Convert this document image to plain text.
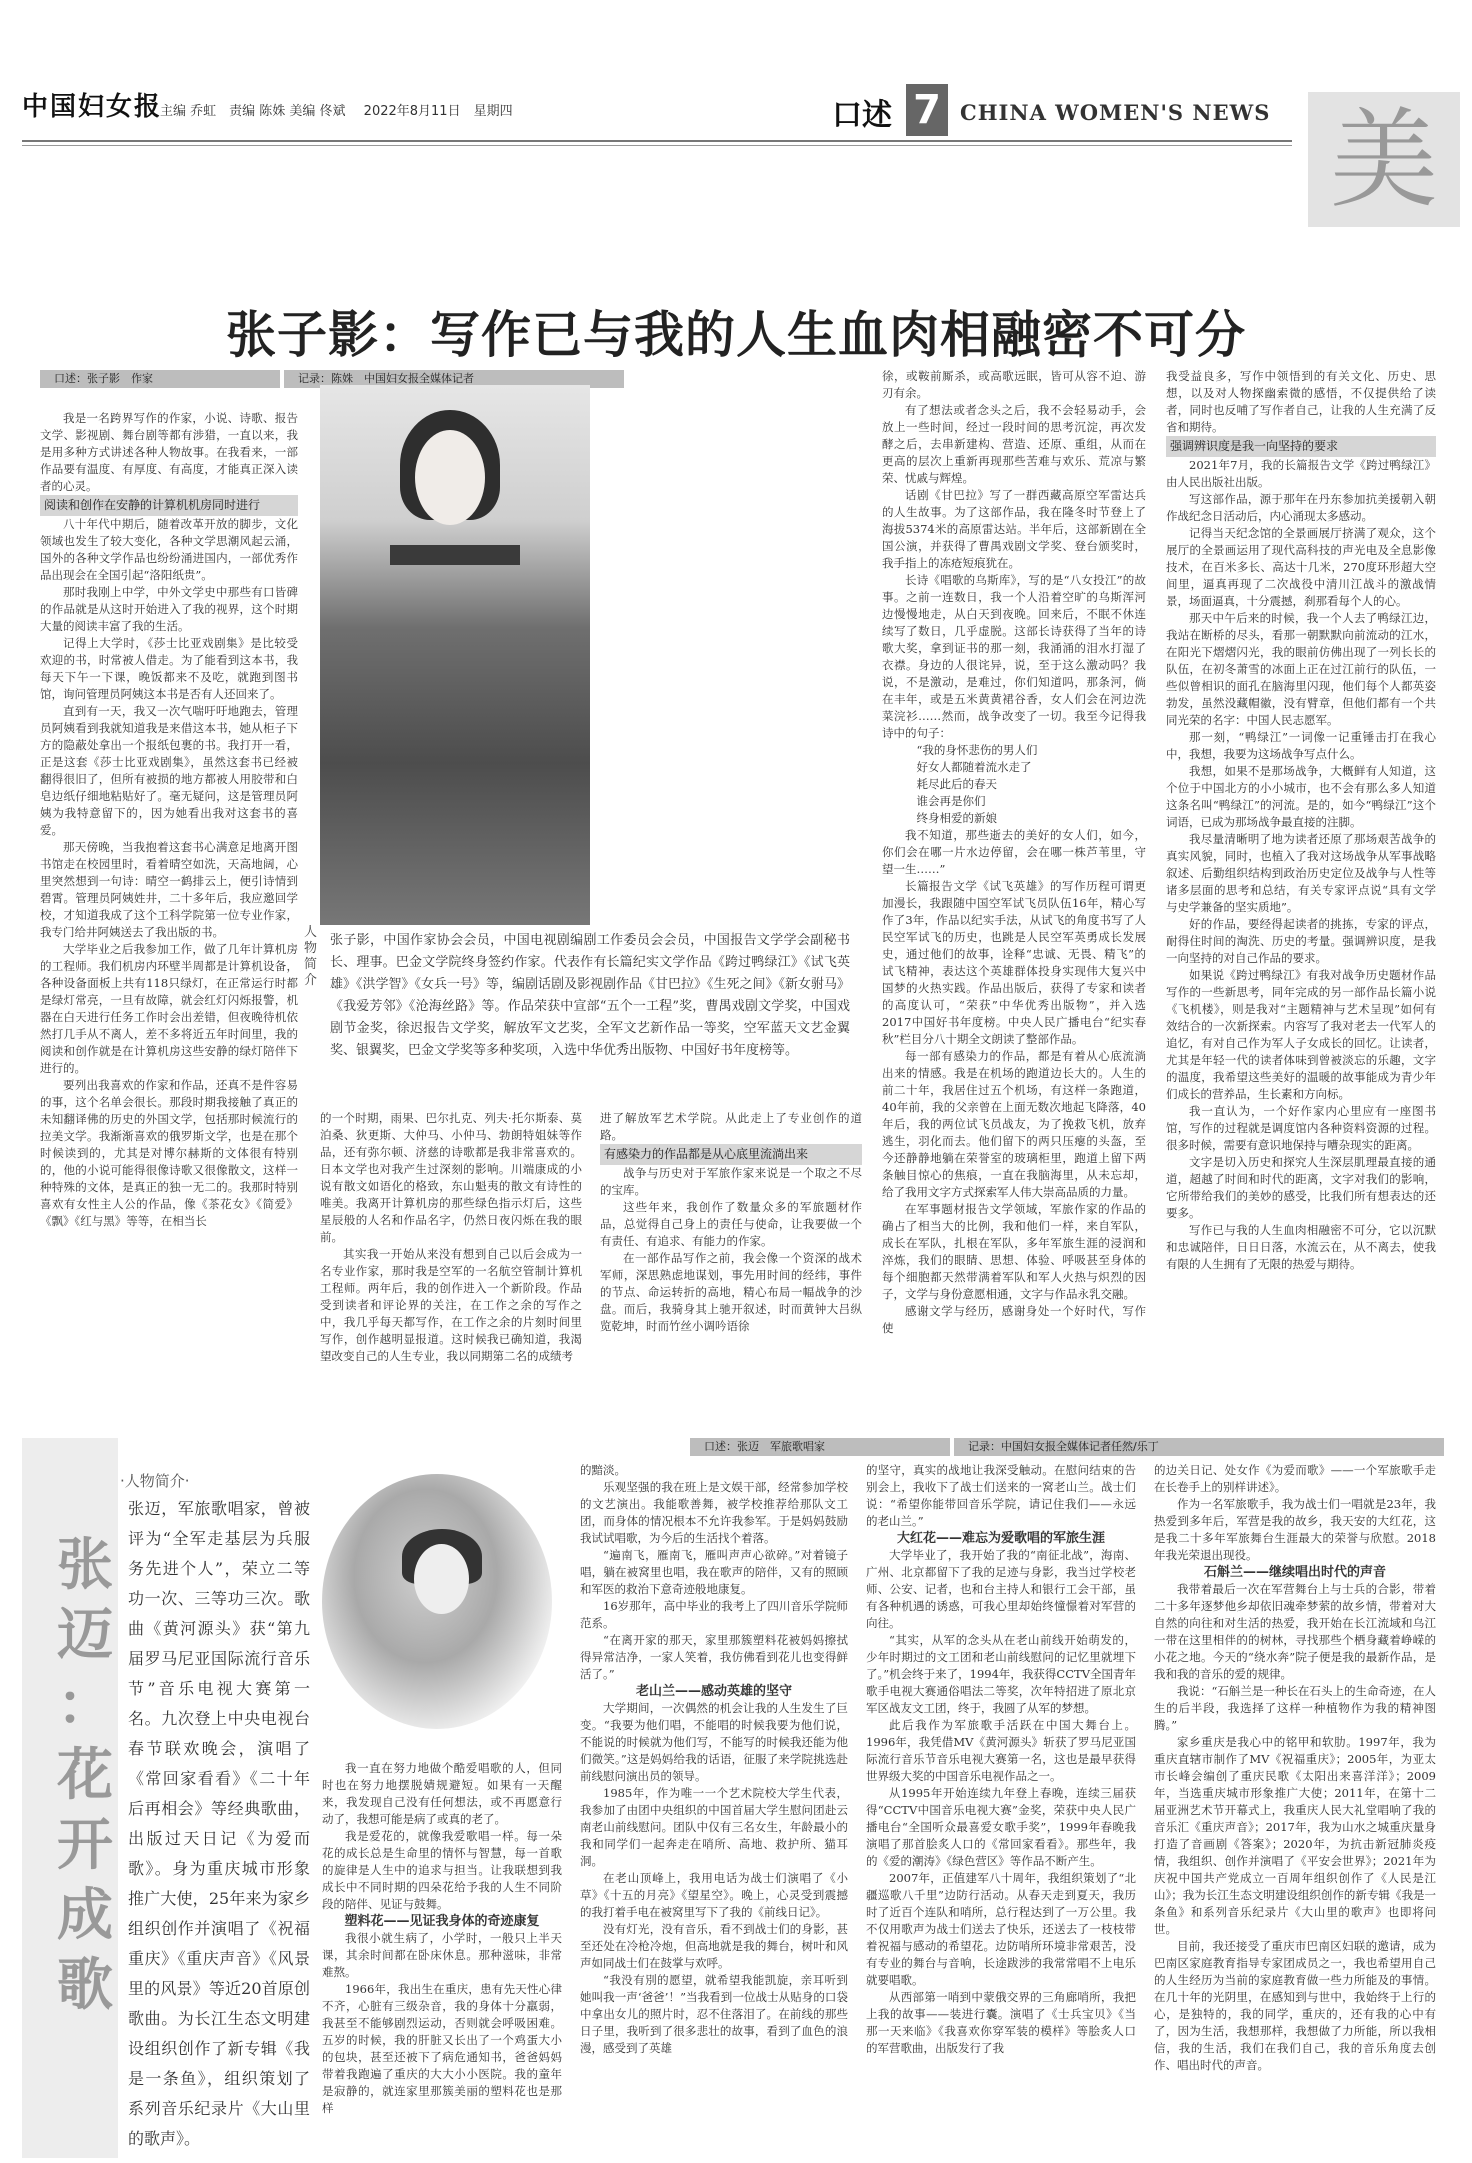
中国妇女报
主编 乔虹　责编 陈姝 美编 佟斌 2022年8月11日　星期四	口述 7 CHINA WOMEN'S NEWS 美
张子影：写作已与我的人生血肉相融密不可分
口述：张子影　作家	记录：陈姝　中国妇女报全媒体记者

我是一名跨界写作的作家，小说、诗歌、报告文学、影视剧、舞台剧等都有涉猎，一直以来，我是用多种方式讲述各种人物故事。在我看来，一部作品要有温度、有厚度、有高度，才能真正深入读者的心灵。

阅读和创作在安静的计算机机房同时进行

八十年代中期后，随着改革开放的脚步，文化领域也发生了较大变化，各种文学思潮风起云涌，国外的各种文学作品也纷纷涌进国内，一部优秀作品出现会在全国引起“洛阳纸贵”。

那时我刚上中学，中外文学史中那些有口皆碑的作品就是从这时开始进入了我的视界，这个时期大量的阅读丰富了我的生活。

记得上大学时，《莎士比亚戏剧集》是比较受欢迎的书，时常被人借走。为了能看到这本书，我每天下午一下课，晚饭都来不及吃，就跑到图书馆，询问管理员阿姨这本书是否有人还回来了。

直到有一天，我又一次气喘吁吁地跑去，管理员阿姨看到我就知道我是来借这本书，她从柜子下方的隐蔽处拿出一个报纸包裹的书。我打开一看，正是这套《莎士比亚戏剧集》，虽然这套书已经被翻得很旧了，但所有被损的地方都被人用胶带和白皂边纸仔细地粘贴好了。毫无疑问，这是管理员阿姨为我特意留下的，因为她看出我对这套书的喜爱。

那天傍晚，当我抱着这套书心满意足地离开图书馆走在校园里时，看着晴空如洗，天高地阔，心里突然想到一句诗：晴空一鹤排云上，便引诗情到碧霄。管理员阿姨姓井，二十多年后，我应邀回学校，才知道我成了这个工科学院第一位专业作家，我专门给井阿姨送去了我出版的书。

大学毕业之后我参加工作，做了几年计算机房的工程师。我们机房内环壁半周都是计算机设备，各种设备面板上共有118只绿灯，在正常运行时都是绿灯常亮，一旦有故障，就会红灯闪烁报警，机器在白天进行任务工作时会出差错，但夜晚待机依然打几手从不离人，差不多将近五年时间里，我的阅读和创作就是在计算机房这些安静的绿灯陪伴下进行的。

要列出我喜欢的作家和作品，还真不是件容易的事，这个名单会很长。那段时期我接触了真正的未知翻译佛的历史的外国文学，包括那时候流行的拉美文学。我渐渐喜欢的俄罗斯文学，也是在那个时候读到的，尤其是对博尔赫斯的文体很有特别的，他的小说可能得很像诗歌又很像散文，这样一种特殊的文体，是真正的独一无二的。我那时特别喜欢有女性主人公的作品，像《茶花女》《简爱》《飘》《红与黑》等等，在相当长

人物简介
张子影，中国作家协会会员，中国电视剧编剧工作委员会会员，中国报告文学学会副秘书长、理事。巴金文学院终身签约作家。代表作有长篇纪实文学作品《跨过鸭绿江》《试飞英雄》《洪学智》《女兵一号》等，编剧话剧及影视剧作品《甘巴拉》《生死之间》《新女驸马》《我爱芳邻》《沧海丝路》等。作品荣获中宣部“五个一工程”奖，曹禺戏剧文学奖，中国戏剧节金奖，徐迟报告文学奖，解放军文艺奖，全军文艺新作品一等奖，空军蓝天文艺金翼奖、银翼奖，巴金文学奖等多种奖项，入选中华优秀出版物、中国好书年度榜等。

的一个时期，雨果、巴尔扎克、列夫·托尔斯泰、莫泊桑、狄更斯、大仲马、小仲马、勃朗特姐妹等作品，还有弥尔顿、济慈的诗歌都是我非常喜欢的。日本文学也对我产生过深刻的影响。川端康成的小说有散文如语化的格致，东山魁夷的散文有诗性的唯美。我离开计算机房的那些绿色指示灯后，这些星辰般的人名和作品名字，仍然日夜闪烁在我的眼前。

其实我一开始从来没有想到自己以后会成为一名专业作家，那时我是空军的一名航空管制计算机工程师。两年后，我的创作进入一个新阶段。作品受到读者和评论界的关注，在工作之余的写作之中，我几乎每天都写作，在工作之余的片刻时间里写作，创作越明显报道。这时候我已确知道，我渴望改变自己的人生专业，我以同期第二名的成绩考

进了解放军艺术学院。从此走上了专业创作的道路。

有感染力的作品都是从心底里流淌出来

战争与历史对于军旅作家来说是一个取之不尽的宝库。

这些年来，我创作了数量众多的军旅题材作品，总觉得自己身上的责任与使命，让我要做一个有责任、有追求、有能力的作家。

在一部作品写作之前，我会像一个资深的战术军师，深思熟虑地谋划，事先用时间的经纬，事件的节点、命运转折的高地，精心布局一幅战争的沙盘。而后，我骑身其上驰开叙述，时而黄钟大吕纵览乾坤，时而竹丝小调吟语徐

徐，或鞍前厮杀，或高歌远眠，皆可从容不迫、游刃有余。

有了想法或者念头之后，我不会轻易动手，会放上一些时间，经过一段时间的思考沉淀，再次发酵之后，去串新建构、营造、还原、重组，从而在更高的层次上重新再现那些苦难与欢乐、荒凉与繁荣、忧戚与辉煌。

话剧《甘巴拉》写了一群西藏高原空军雷达兵的人生故事。为了这部作品，我在隆冬时节登上了海拔5374米的高原雷达站。半年后，这部新剧在全国公演，并获得了曹禺戏剧文学奖、登台颁奖时，我手指上的冻疮短痕犹在。

长诗《唱歌的乌斯库》，写的是“八女投江”的故事。之前一连数日，我一个人沿着空旷的乌斯浑河边慢慢地走，从白天到夜晚。回来后，不眠不休连续写了数日，几乎虚脱。这部长诗获得了当年的诗歌大奖，拿到证书的那一刻，我涌涌的泪水打湿了衣襟。身边的人很诧异，说，至于这么激动吗？我说，不是激动，是难过，你们知道吗，那条河，倘在丰年，或是五米黄黄裙谷香，女人们会在河边洗菜浣衫……然而，战争改变了一切。我至今记得我诗中的句子：

“我的身怀悲伤的男人们

好女人都随着流水走了

耗尽此后的春天

谁会再是你们

终身相爱的新娘

我不知道，那些逝去的美好的女人们，如今，你们会在哪一片水边停留，会在哪一株芦苇里，守望一生……”

长篇报告文学《试飞英雄》的写作历程可谓更加漫长，我跟随中国空军试飞员队伍16年，精心写作了3年，作品以纪实手法，从试飞的角度书写了人民空军试飞的历史，也跳是人民空军英勇成长发展史，通过他们的故事，诠释“忠诚、无畏、精飞”的试飞精神，表达这个英雄群体投身实现伟大复兴中国梦的火热实践。作品出版后，获得了专家和读者的高度认可，“荣获”中华优秀出版物”，并入选2017中国好书年度榜。中央人民广播电台“纪实春秋”栏目分八十期全文朗读了整部作品。

每一部有感染力的作品，都是有着从心底流淌出来的情感。我是在机场的跑道边长大的。人生的前二十年，我居住过五个机场，有这样一条跑道，40年前，我的父亲曾在上面无数次地起飞降落，40年后，我的两位试飞员战友，为了挽救飞机，放弃逃生，羽化而去。他们留下的两只压瘪的头盔，至今还静静地躺在荣誉室的玻璃柜里，跑道上留下两条触目惊心的焦痕，一直在我脑海里，从未忘却，给了我用文字方式探索军人伟大崇高品质的力量。

在军事题材报告文学领域，军旅作家的作品的确占了相当大的比例，我和他们一样，来自军队，成长在军队，扎根在军队，多年军旅生涯的浸润和淬炼，我们的眼睛、思想、体验、呼吸甚至身体的每个细胞都天然带满着军队和军人火热与炽烈的因子，文学与身份意愿相通，文字与作品永乳交融。

感谢文学与经历，感谢身处一个好时代，写作使

我受益良多，写作中领悟到的有关文化、历史、思想，以及对人物探幽索微的感悟，不仅提供给了读者，同时也反哺了写作者自己，让我的人生充满了反省和期待。

强调辨识度是我一向坚持的要求

2021年7月，我的长篇报告文学《跨过鸭绿江》由人民出版社出版。

写这部作品，源于那年在丹东参加抗美援朝入朝作战纪念日活动后，内心涌现太多感动。

记得当天纪念馆的全景画展厅挤满了观众，这个展厅的全景画运用了现代高科技的声光电及全息影像技术，在百米多长、高达十几米，270度环形超大空间里，逼真再现了二次战役中清川江战斗的激战情景，场面逼真，十分震撼，刹那看每个人的心。

那天中午后来的时候，我一个人去了鸭绿江边，我站在断桥的尽头，看那一朝默默向前流动的江水，在阳光下熠熠闪光，我的眼前仿佛出现了一列长长的队伍，在初冬萧雪的冰面上正在过江前行的队伍，一些似曾相识的面孔在脑海里闪现，他们每个人都英姿勃发，虽然没藏帽徽，没有臂章，但他们都有一个共同光荣的名字：中国人民志愿军。

那一刻，“鸭绿江”一词像一记重锤击打在我心中，我想，我要为这场战争写点什么。

我想，如果不是那场战争，大概鲜有人知道，这个位于中国北方的小小城市，也不会有那么多人知道这条名叫“鸭绿江”的河流。是的，如今“鸭绿江”这个词语，已成为那场战争最直接的注脚。

我尽量清晰明了地为读者还原了那场艰苦战争的真实风貌，同时，也植入了我对这场战争从军事战略叙述、后勤组织结构到政治历史定位及战争与人性等诸多层面的思考和总结，有关专家评点说“具有文学与史学兼备的坚实质地”。

好的作品，要经得起读者的挑拣，专家的评点，耐得住时间的淘洗、历史的考量。强调辨识度，是我一向坚持的对自己作品的要求。

如果说《跨过鸭绿江》有我对战争历史题材作品写作的一些新思考，同年完成的另一部作品长篇小说《飞机楼》，则是我对“主题精神与艺术呈现”如何有效结合的一次新探索。内容写了我对老去一代军人的追忆，有对自己作为军人子女成长的回忆。让读者，尤其是年轻一代的读者体味到曾被淡忘的乐趣，文字的温度，我希望这些美好的温暖的故事能成为青少年们成长的营养品，生长素和方向标。

我一直认为，一个好作家内心里应有一座图书馆，写作的过程就是调度馆内各种资料资源的过程。很多时候，需要有意识地保持与嘈杂现实的距离。

文字是切入历史和探究人生深层肌理最直接的通道，超越了时间和时代的距离，文字对我们的影响，它所带给我们的美妙的感受，比我们所有想表达的还要多。

写作已与我的人生血肉相融密不可分，它以沉默和忠诚陪伴，日日日落，水流云在，从不离去，使我有限的人生拥有了无限的热爱与期待。

口述：张迈　军旅歌唱家	记录：中国妇女报全媒体记者任然/乐丁
张
迈
：
花
开
成
歌
·人物简介·
张迈，军旅歌唱家，曾被评为“全军走基层为兵服务先进个人”，荣立二等功一次、三等功三次。歌曲《黄河源头》获“第九届罗马尼亚国际流行音乐节”音乐电视大赛第一名。九次登上中央电视台春节联欢晚会，演唱了《常回家看看》《二十年后再相会》等经典歌曲，出版过天日记《为爱而歌》。身为重庆城市形象推广大使，25年来为家乡组织创作并演唱了《祝福重庆》《重庆声音》《风景里的风景》等近20首原创歌曲。为长江生态文明建设组织创作了新专辑《我是一条鱼》，组织策划了系列音乐纪录片《大山里的歌声》。

我一直在努力地做个酷爱唱歌的人，但同时也在努力地摆脱婧规避短。如果有一天醒来，我发现自己没有任何想法，或不再愿意行动了，我想可能是病了或真的老了。

我是爱花的，就像我爱歌唱一样。每一朵花的成长总是生命里的情怀与智慧，每一首歌的旋律是人生中的追求与担当。让我联想到我成长中不同时期的四朵花给予我的人生不同阶段的陪伴、见证与鼓舞。

塑料花——见证我身体的奇迹康复

我很小就生病了，小学时，一般只上半天课，其余时间都在卧床休息。那种滋味，非常难熬。

1966年，我出生在重庆，患有先天性心律不齐，心脏有三级杂音，我的身体十分羸弱，我甚至不能够剧烈运动，否则就会呼吸困难。五岁的时候，我的肝脏又长出了一个鸡蛋大小的包块，甚至还被下了病危通知书，爸爸妈妈带着我跑遍了重庆的大大小小医院。我的童年是寂静的，就连家里那簇美丽的塑料花也是那样

的黯淡。

乐观坚强的我在班上是文娱干部，经常参加学校的文艺演出。我能歌善舞，被学校推荐给那队文工团，而身体的情况根本不允许我参军。于是妈妈鼓励我试试唱歌，为今后的生活找个着落。

“遍南飞，雁南飞，雁叫声声心欲碎。”对着镜子唱，躺在被窝里也唱，我在歌声的陪伴，又有的照顾和军医的救治下意奇迹般地康复。

16岁那年，高中毕业的我考上了四川音乐学院师范系。

“在离开家的那天，家里那簇塑料花被妈妈擦拭得异常洁净，一家人笑着，我仿佛看到花儿也变得鲜活了。”

老山兰——感动英雄的坚守

大学期间，一次偶然的机会让我的人生发生了巨变。“我要为他们唱，不能唱的时候我要为他们说，不能说的时候就为他们写，不能写的时候我还能为他们微笑。”这是妈妈给我的话语，征服了来学院挑选赴前线慰问演出员的领导。

1985年，作为唯一一个艺术院校大学生代表，我参加了由团中央组织的中国首届大学生慰问团赴云南老山前线慰问。团队中仅有三名女生，年龄最小的我和同学们一起奔走在哨所、高地、救护所、猫耳洞。

在老山顶峰上，我用电话为战士们演唱了《小草》《十五的月亮》《望星空》。晚上，心灵受到震撼的我打着手电在被窝里写下了我的《前线日记》。

没有灯光，没有音乐，看不到战士们的身影，甚至还处在冷枪冷炮，但高地就是我的舞台，树叶和风声如同战士们在鼓掌与欢呼。

“我没有別的愿望，就希望我能凯旋，亲耳听到她叫我一声‘爸爸’！”当我看到一位战士从贴身的口袋中拿出女儿的照片时，忍不住落泪了。在前线的那些日子里，我听到了很多悲壮的故事，看到了血色的浪漫，感受到了英雄

的坚守，真实的战地让我深受触动。在慰问结束的告别会上，我收下了战士们送来的一窝老山兰。战士们说：“希望你能带回音乐学院，请记住我们——永远的老山兰。”

大红花——难忘为爱歌唱的军旅生涯

大学毕业了，我开始了我的“南征北战”，海南、广州、北京都留下了我的足迹与身影，我当过学校老师、公安、记者，也和台主持人和银行工会干部，虽有各种机遇的诱惑，可我心里却始终憧憬着对军营的向往。

“其实，从军的念头从在老山前线开始萌发的，少年时期过的文工团和老山前线慰问的记忆里就埋下了。”机会终于来了，1994年，我获得CCTV全国青年歌手电视大赛通俗唱法二等奖，次年特招进了原北京军区战友文工团，终于，我圆了从军的梦想。

此后我作为军旅歌手活跃在中国大舞台上。1996年，我凭借MV《黄河源头》斩获了罗马尼亚国际流行音乐节音乐电视大赛第一名，这也是最早获得世界级大奖的中国音乐电视作品之一。

从1995年开始连续九年登上春晚，连续三届获得“CCTV中国音乐电视大赛”金奖，荣获中央人民广播电台“全国听众最喜爱女歌手奖”，1999年春晚我演唱了那首脍炙人口的《常回家看看》。那些年，我的《爱的潮涛》《绿色营区》等作品不断产生。

2007年，正值建军八十周年，我组织策划了“北疆巡歌八千里”边防行活动。从春天走到夏天，我历时了近百个连队和哨所，总行程达到了一万公里。我不仅用歌声为战士们送去了快乐，还送去了一枝枝带着祝福与感动的希望花。边防哨所环境非常艰苦，没有专业的舞台与音响，长途跋涉的我常常唱不上电乐就要唱歌。

从西部第一哨到中蒙俄交界的三角廊哨所，我把上我的故事——装进行囊。演唱了《士兵宝贝》《当那一天来临》《我喜欢你穿军装的模样》等脍炙人口的军营歌曲，出版发行了我

的边关日记、处女作《为爱而歌》——一个军旅歌手走在长卷手上的别样讲述》。

作为一名军旅歌手，我为战士们一唱就是23年，我热爱到多年后，军营是我的故乡，我天安的大红花，这是我二十多年军旅舞台生涯最大的荣誉与欣慰。2018年我光荣退出现役。

石斛兰——继续唱出时代的声音

我带着最后一次在军营舞台上与士兵的合影，带着二十多年逐梦他乡却依旧魂牵梦萦的故乡情，带着对大自然的向往和对生活的热爱，我开始在长江流域和乌江一带在这里相伴的的树林，寻找那些个栖身藏着峥嵘的小花之地。今天的“绕水奔”院子便是我的最新作品，是我和我的音乐的爱的规律。

我说：“石斛兰是一种长在石头上的生命奇迹，在人生的后半段，我选择了这样一种植物作为我的精神图腾。”

家乡重庆是我心中的铭甲和软肋。1997年，我为重庆直辖市制作了MV《祝福重庆》；2005年，为亚太市长峰会编创了重庆民歌《太阳出来喜洋洋》；2009年，当选重庆城市形象推广大使；2011年，在第十二届亚洲艺术节开幕式上，我重庆人民大礼堂唱响了我的音乐汇《重庆声音》；2017年，我为山水之城重庆量身打造了音画剧《答案》；2020年，为抗击新冠肺炎疫情，我组织、创作并演唱了《平安会世界》；2021年为庆祝中国共产党成立一百周年组织创作了《人民是江山》；我为长江生态文明建设组织创作的新专辑《我是一条鱼》和系列音乐纪录片《大山里的歌声》也即将问世。

目前，我还接受了重庆市巴南区妇联的邀请，成为巴南区家庭教育指导专家团成员之一，我也希望用自己的人生经历为当前的家庭教育做一些力所能及的事情。在几十年的光阴里，在感知到与世中，我始终于上行的心，是独特的，我的同学，重庆的，还有我的心中有了，因为生活，我想那样，我想做了力所能，所以我相信，我的生活，我们在我们自己，我的音乐角度去创作、唱出时代的声音。
